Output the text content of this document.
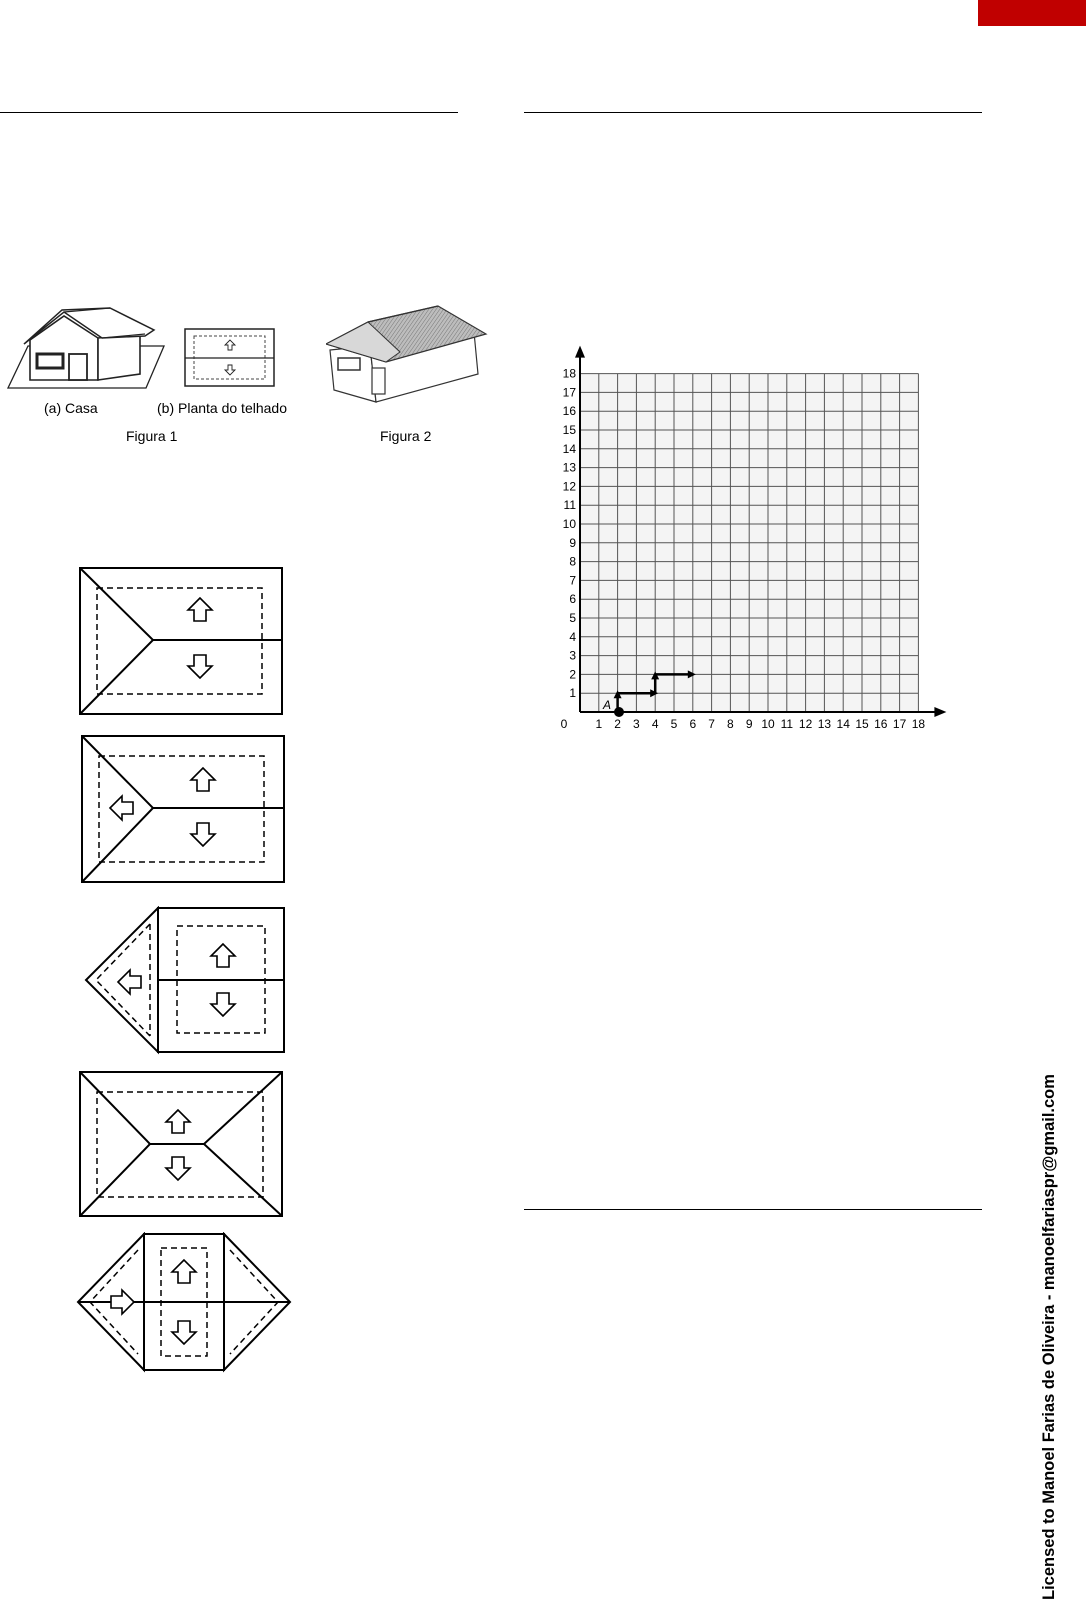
(a) Casa	(b) Planta do telhado
Figura 1	Figura 2
0 1 2 3 4 5 6 7 8 9 10 11 12 13 14 15 16 17 18
1
2
3
4
5
6
7
8
9
10
11
12
13
14
15
16
17
18
A
Licensed to Manoel Farias de Oliveira - manoelfariaspr@gmail.com
